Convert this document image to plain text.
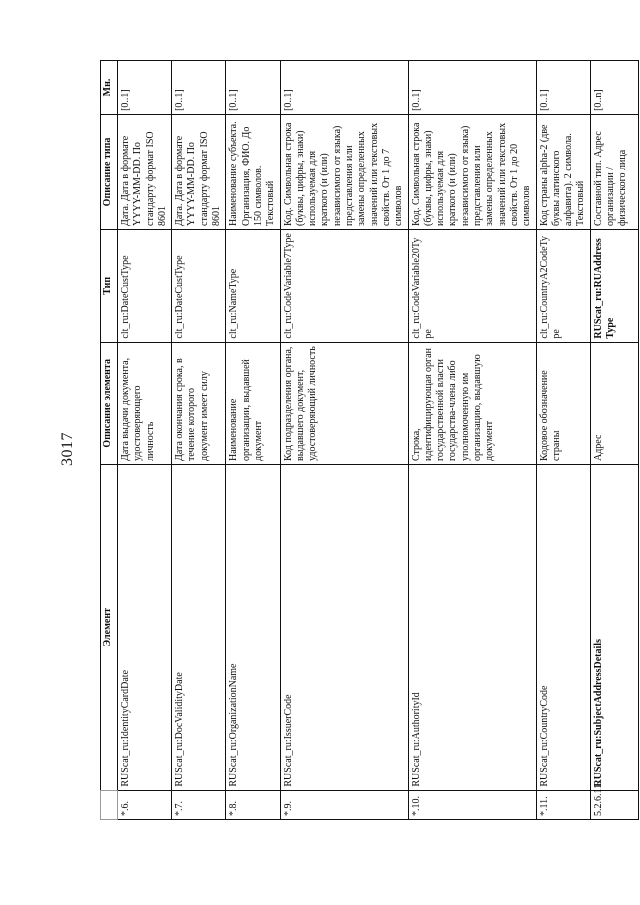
3017
	Элемент	Описание элемента	Тип	Описание типа	Мн.
*.6.	RUScat_ru:IdentityCardDate	Дата выдачи документа, удостоверяющего личность	clt_ru:DateCustType	Дата. Дата в формате YYYY-MM-DD. По стандарту формат ISO 8601	[0..1]
*.7.	RUScat_ru:DocValidityDate	Дата окончания срока, в течение которого документ имеет силу	clt_ru:DateCustType	Дата. Дата в формате YYYY-MM-DD. По стандарту формат ISO 8601	[0..1]
*.8.	RUScat_ru:OrganizationName	Наименование организации, выдавшей документ	clt_ru:NameType	Наименование субъекта. Организация, ФИО. До 150 символов. Текстовый	[0..1]
*.9.	RUScat_ru:IssuerCode	Код подразделения органа, выдавшего документ, удостоверяющий личность	clt_ru:CodeVariable7Type	Код. Символьная строка (буквы, цифры, знаки) используемая для краткого (и (или) независимого от языка) представления или замены определенных значений или текстовых свойств. От 1 до 7 символов	[0..1]
*.10.	RUScat_ru:AuthorityId	Строка, идентифицирующая орган государственной власти государства-члена либо уполномоченную им организацию, выдавшую документ	clt_ru:CodeVariable20Type	Код. Символьная строка (буквы, цифры, знаки) используемая для краткого (и (или) независимого от языка) представления или замены определенных значений или текстовых свойств. От 1 до 20 символов	[0..1]
*.11.	RUScat_ru:CountryCode	Кодовое обозначение страны	clt_ru:CountryA2CodeType	Код страны alpha-2 (две буквы латинского алфавита). 2 символа. Текстовый	[0..1]
5.2.6.11.	RUScat_ru:SubjectAddressDetails	Адрес	RUScat_ru:RUAddressType	Составной тип. Адрес организации / физического лица	[0..n]
